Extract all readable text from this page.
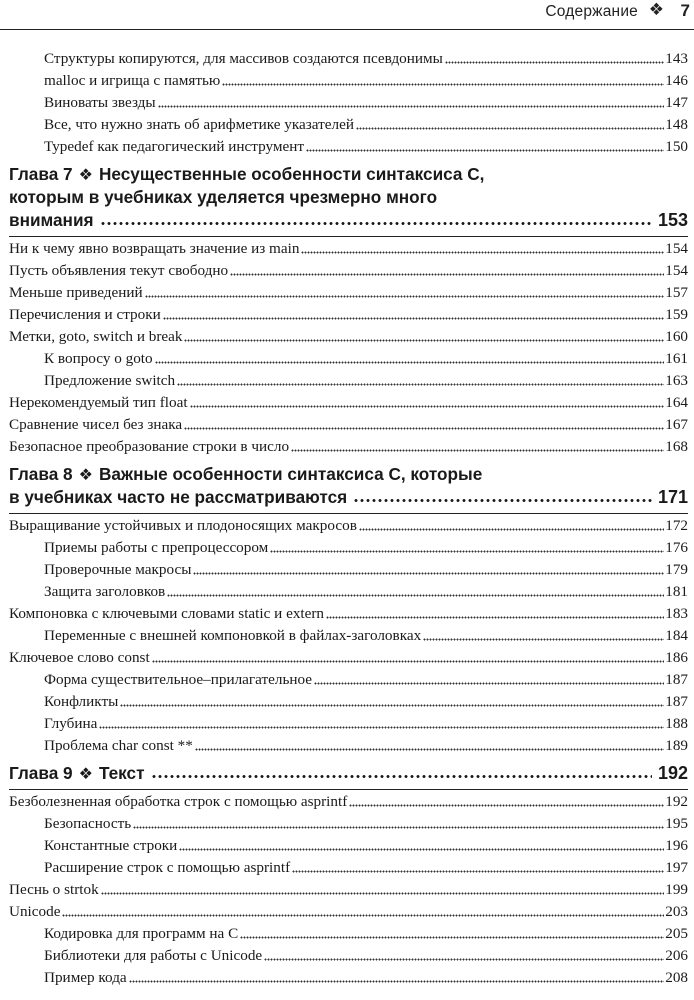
Содержание ❖ 7
Структуры копируются, для массивов создаются псевдонимы	143
malloc и игрища с памятью	146
Виноваты звезды	147
Все, что нужно знать об арифметике указателей	148
Typedef как педагогический инструмент	150
Глава 7 ❖ Несущественные особенности синтаксиса C,
которым в учебниках уделяется чрезмерно много
внимания	153
Ни к чему явно возвращать значение из main	154
Пусть объявления текут свободно	154
Меньше приведений	157
Перечисления и строки	159
Метки, goto, switch и break	160
К вопросу о goto	161
Предложение switch	163
Нерекомендуемый тип float	164
Сравнение чисел без знака	167
Безопасное преобразование строки в число	168
Глава 8 ❖ Важные особенности синтаксиса C, которые
в учебниках часто не рассматриваются	171
Выращивание устойчивых и плодоносящих макросов	172
Приемы работы с препроцессором	176
Проверочные макросы	179
Защита заголовков	181
Компоновка с ключевыми словами static и extern	183
Переменные с внешней компоновкой в файлах-заголовках	184
Ключевое слово const	186
Форма существительное–прилагательное	187
Конфликты	187
Глубина	188
Проблема char const **	189
Глава 9 ❖ Текст	192
Безболезненная обработка строк с помощью asprintf	192
Безопасность	195
Константные строки	196
Расширение строк с помощью asprintf	197
Песнь о strtok	199
Unicode	203
Кодировка для программ на C	205
Библиотеки для работы с Unicode	206
Пример кода	208
